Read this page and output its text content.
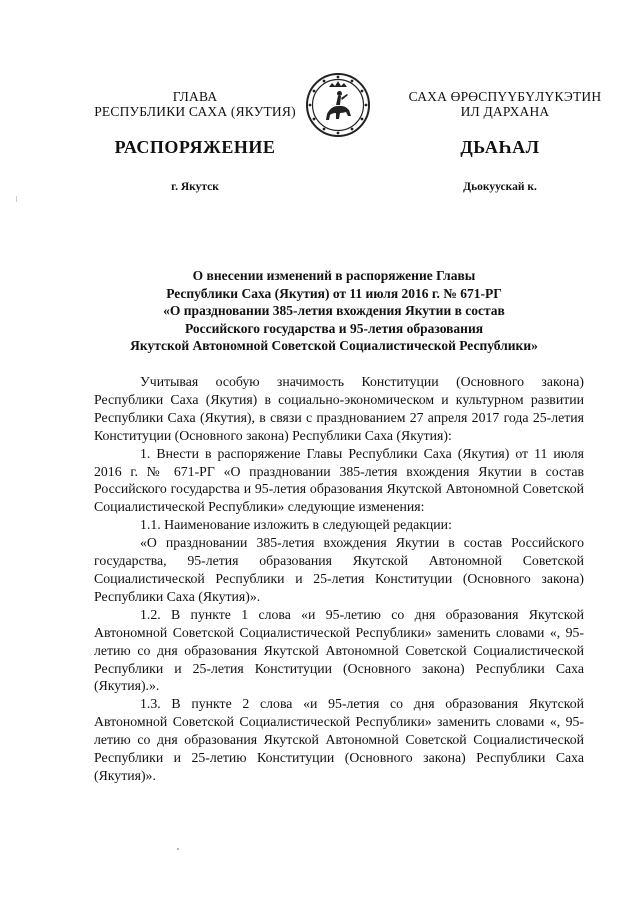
ГЛАВА
РЕСПУБЛИКИ САХА (ЯКУТИЯ)
САХА ӨРӨСПҮҮБҮЛҮКЭТИН
ИЛ ДАРХАНА
РАСПОРЯЖЕНИЕ	ДЬАҺАЛ
г. Якутск	Дьокуускай к.
О внесении изменений в распоряжение Главы
Республики Саха (Якутия) от 11 июля 2016 г. № 671-РГ
«О праздновании 385-летия вхождения Якутии в состав
Российского государства и 95-летия образования
Якутской Автономной Советской Социалистической Республики»

Учитывая особую значимость Конституции (Основного закона) Республики Саха (Якутия) в социально-экономическом и культурном развитии Республики Саха (Якутия), в связи с празднованием 27 апреля 2017 года 25-летия Конституции (Основного закона) Республики Саха (Якутия):

1. Внести в распоряжение Главы Республики Саха (Якутия) от 11 июля 2016 г. № 671-РГ «О праздновании 385-летия вхождения Якутии в состав Российского государства и 95-летия образования Якутской Автономной Советской Социалистической Республики» следующие изменения:

1.1. Наименование изложить в следующей редакции:

«О праздновании 385-летия вхождения Якутии в состав Российского государства, 95-летия образования Якутской Автономной Советской Социалистической Республики и 25-летия Конституции (Основного закона) Республики Саха (Якутия)».

1.2. В пункте 1 слова «и 95-летию со дня образования Якутской Автономной Советской Социалистической Республики» заменить словами «, 95-летию со дня образования Якутской Автономной Советской Социалистической Республики и 25-летия Конституции (Основного закона) Республики Саха (Якутия).».

1.3. В пункте 2 слова «и 95-летия со дня образования Якутской Автономной Советской Социалистической Республики» заменить словами «, 95-летию со дня образования Якутской Автономной Советской Социалистической Республики и 25-летию Конституции (Основного закона) Республики Саха (Якутия)».
